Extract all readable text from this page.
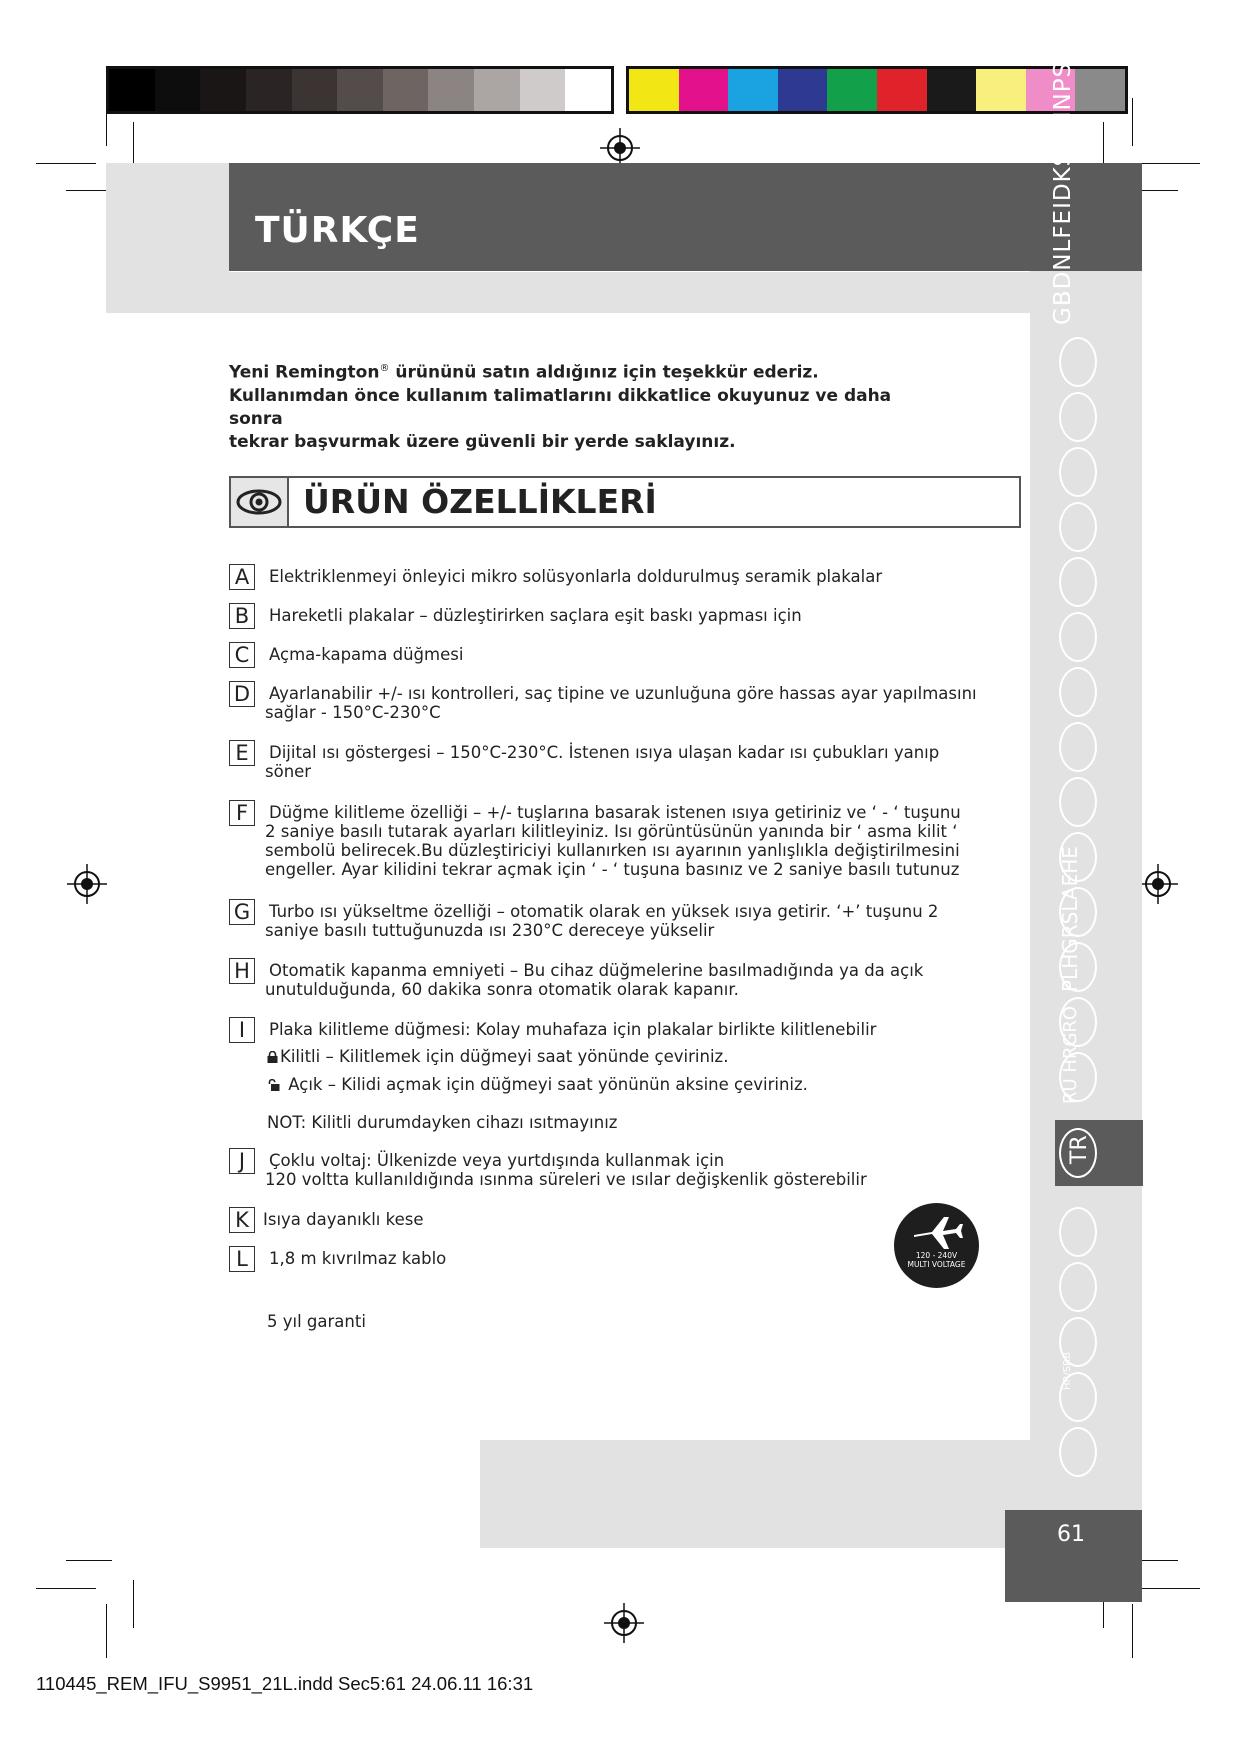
TÜRKÇE	GBDNLFEIDKSNFINPSKCZ
PLHGRSLAEHE
RU HRGRO
TR
HR/SRB
61
Yeni Remington® ürününü satın aldığınız için teşekkür ederiz.
Kullanımdan önce kullanım talimatlarını dikkatlice okuyunuz ve daha sonra
tekrar başvurmak üzere güvenli bir yerde saklayınız.
ÜRÜN ÖZELLİKLERİ
A	Elektriklenmeyi önleyici mikro solüsyonlarla doldurulmuş seramik plakalar
B	Hareketli plakalar – düzleştirirken saçlara eşit baskı yapması için
C	Açma-kapama düğmesi
D Ayarlanabilir +/- ısı kontrolleri, saç tipine ve uzunluğuna göre hassas ayar yapılmasını
sağlar - 150°C-230°C
E	Dijital ısı göstergesi – 150°C-230°C. İstenen ısıya ulaşan kadar ısı çubukları yanıp
söner
F	Düğme kilitleme özelliği – +/- tuşlarına basarak istenen ısıya getiriniz ve ‘ - ‘ tuşunu
2 saniye basılı tutarak ayarları kilitleyiniz. Isı görüntüsünün yanında bir ‘ asma kilit ‘
sembolü belirecek.Bu düzleştiriciyi kullanırken ısı ayarının yanlışlıkla değiştirilmesini
engeller. Ayar kilidini tekrar açmak için ‘ - ‘ tuşuna basınız ve 2 saniye basılı tutunuz
G Turbo ısı yükseltme özelliği – otomatik olarak en yüksek ısıya getirir. ‘+’ tuşunu 2
saniye basılı tuttuğunuzda ısı 230°C dereceye yükselir
H	Otomatik kapanma emniyeti – Bu cihaz düğmelerine basılmadığında ya da açık
unutulduğunda, 60 dakika sonra otomatik olarak kapanır.
I	Plaka kilitleme düğmesi: Kolay muhafaza için plakalar birlikte kilitlenebilir
Kilitli – Kilitlemek için düğmeyi saat yönünde çeviriniz.
Açık – Kilidi açmak için düğmeyi saat yönünün aksine çeviriniz.
NOT: Kilitli durumdayken cihazı ısıtmayınız
J	Çoklu voltaj: Ülkenizde veya yurtdışında kullanmak için
120 voltta kullanıldığında ısınma süreleri ve ısılar değişkenlik gösterebilir
K Isıya dayanıklı kese
L	1,8 m kıvrılmaz kablo
5 yıl garanti
120 - 240V
MULTI VOLTAGE
110445_REM_IFU_S9951_21L.indd Sec5:61 24.06.11 16:31
